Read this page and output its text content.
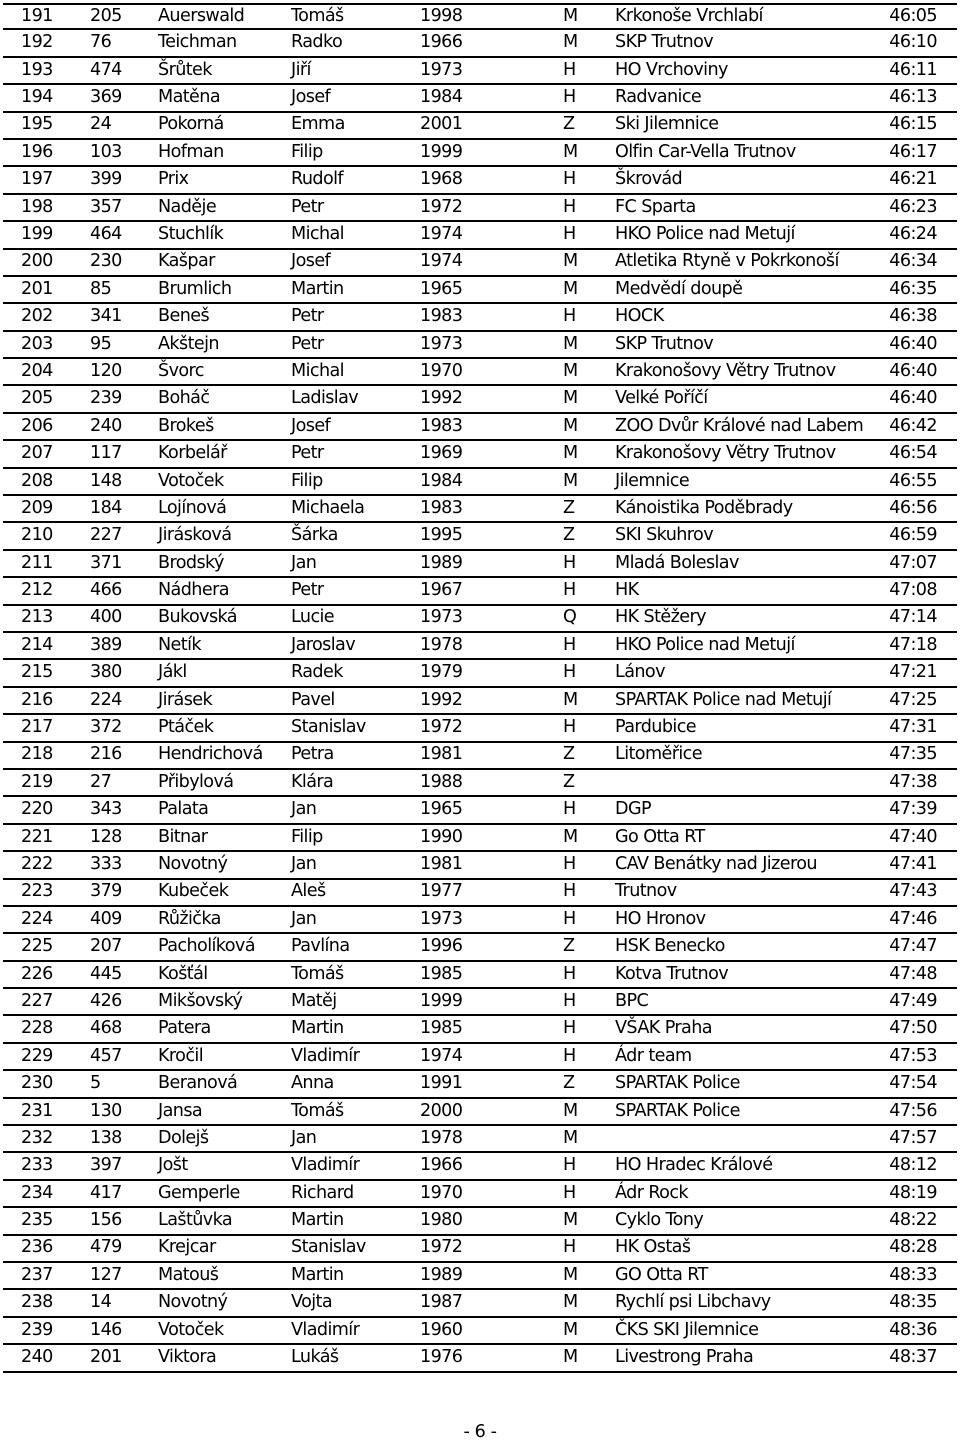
191 205 Auerswald	Tomáš	1998	M Krkonoše Vrchlabí	46:05
192 76	Teichman	Radko	1966	M SKP Trutnov	46:10
193 474 Šrůtek	Jiří	1973	H HO Vrchoviny	46:11
194 369 Matěna	Josef	1984	H Radvanice	46:13
195 24	Pokorná	Emma	2001	Z Ski Jilemnice	46:15
196 103 Hofman	Filip	1999	M Olfin Car-Vella Trutnov	46:17
197 399 Prix	Rudolf	1968	H Škrovád	46:21
198 357 Naděje	Petr	1972	H FC Sparta	46:23
199 464 Stuchlík	Michal	1974	H HKO Police nad Metují	46:24
200 230 Kašpar	Josef	1974	M Atletika Rtyně v Pokrkonoší	46:34
201 85	Brumlich	Martin	1965	M Medvědí doupě	46:35
202 341 Beneš	Petr	1983	H HOCK	46:38
203 95	Akštejn	Petr	1973	M SKP Trutnov	46:40
204 120 Švorc	Michal	1970	M Krakonošovy Větry Trutnov	46:40
205 239 Boháč	Ladislav	1992	M Velké Poříčí	46:40
206 240 Brokeš	Josef	1983	M ZOO Dvůr Králové nad Labem 46:42
207 117 Korbelář	Petr	1969	M Krakonošovy Větry Trutnov	46:54
208 148 Votoček	Filip	1984	M Jilemnice	46:55
209 184 Lojínová	Michaela	1983	Z Kánoistika Poděbrady	46:56
210 227 Jirásková	Šárka	1995	Z SKI Skuhrov	46:59
211 371 Brodský	Jan	1989	H Mladá Boleslav	47:07
212 466 Nádhera	Petr	1967	H HK	47:08
213 400 Bukovská	Lucie	1973	Q HK Stěžery	47:14
214 389 Netík	Jaroslav	1978	H HKO Police nad Metují	47:18
215 380 Jákl	Radek	1979	H Lánov	47:21
216 224 Jirásek	Pavel	1992	M SPARTAK Police nad Metují	47:25
217 372 Ptáček	Stanislav	1972	H Pardubice	47:31
218 216 Hendrichová Petra	1981	Z Litoměřice	47:35
219 27	Přibylová	Klára	1988	Z	47:38
220 343 Palata	Jan	1965	H DGP	47:39
221 128 Bitnar	Filip	1990	M Go Otta RT	47:40
222 333 Novotný	Jan	1981	H CAV Benátky nad Jizerou	47:41
223 379 Kubeček	Aleš	1977	H Trutnov	47:43
224 409 Růžička	Jan	1973	H HO Hronov	47:46
225 207 Pacholíková Pavlína	1996	Z HSK Benecko	47:47
226 445 Košťál	Tomáš	1985	H Kotva Trutnov	47:48
227 426 Mikšovský	Matěj	1999	H BPC	47:49
228 468 Patera	Martin	1985	H VŠAK Praha	47:50
229 457 Kročil	Vladimír	1974	H Ádr team	47:53
230 5	Beranová	Anna	1991	Z SPARTAK Police	47:54
231 130 Jansa	Tomáš	2000	M SPARTAK Police	47:56
232 138 Dolejš	Jan	1978	M	47:57
233 397 Jošt	Vladimír	1966	H HO Hradec Králové	48:12
234 417 Gemperle	Richard	1970	H Ádr Rock	48:19
235 156 Laštůvka	Martin	1980	M Cyklo Tony	48:22
236 479 Krejcar	Stanislav	1972	H HK Ostaš	48:28
237 127 Matouš	Martin	1989	M GO Otta RT	48:33
238 14	Novotný	Vojta	1987	M Rychlí psi Libchavy	48:35
239 146 Votoček	Vladimír	1960	M ČKS SKI Jilemnice	48:36
240 201 Viktora	Lukáš	1976	M Livestrong Praha	48:37
- 6 -
